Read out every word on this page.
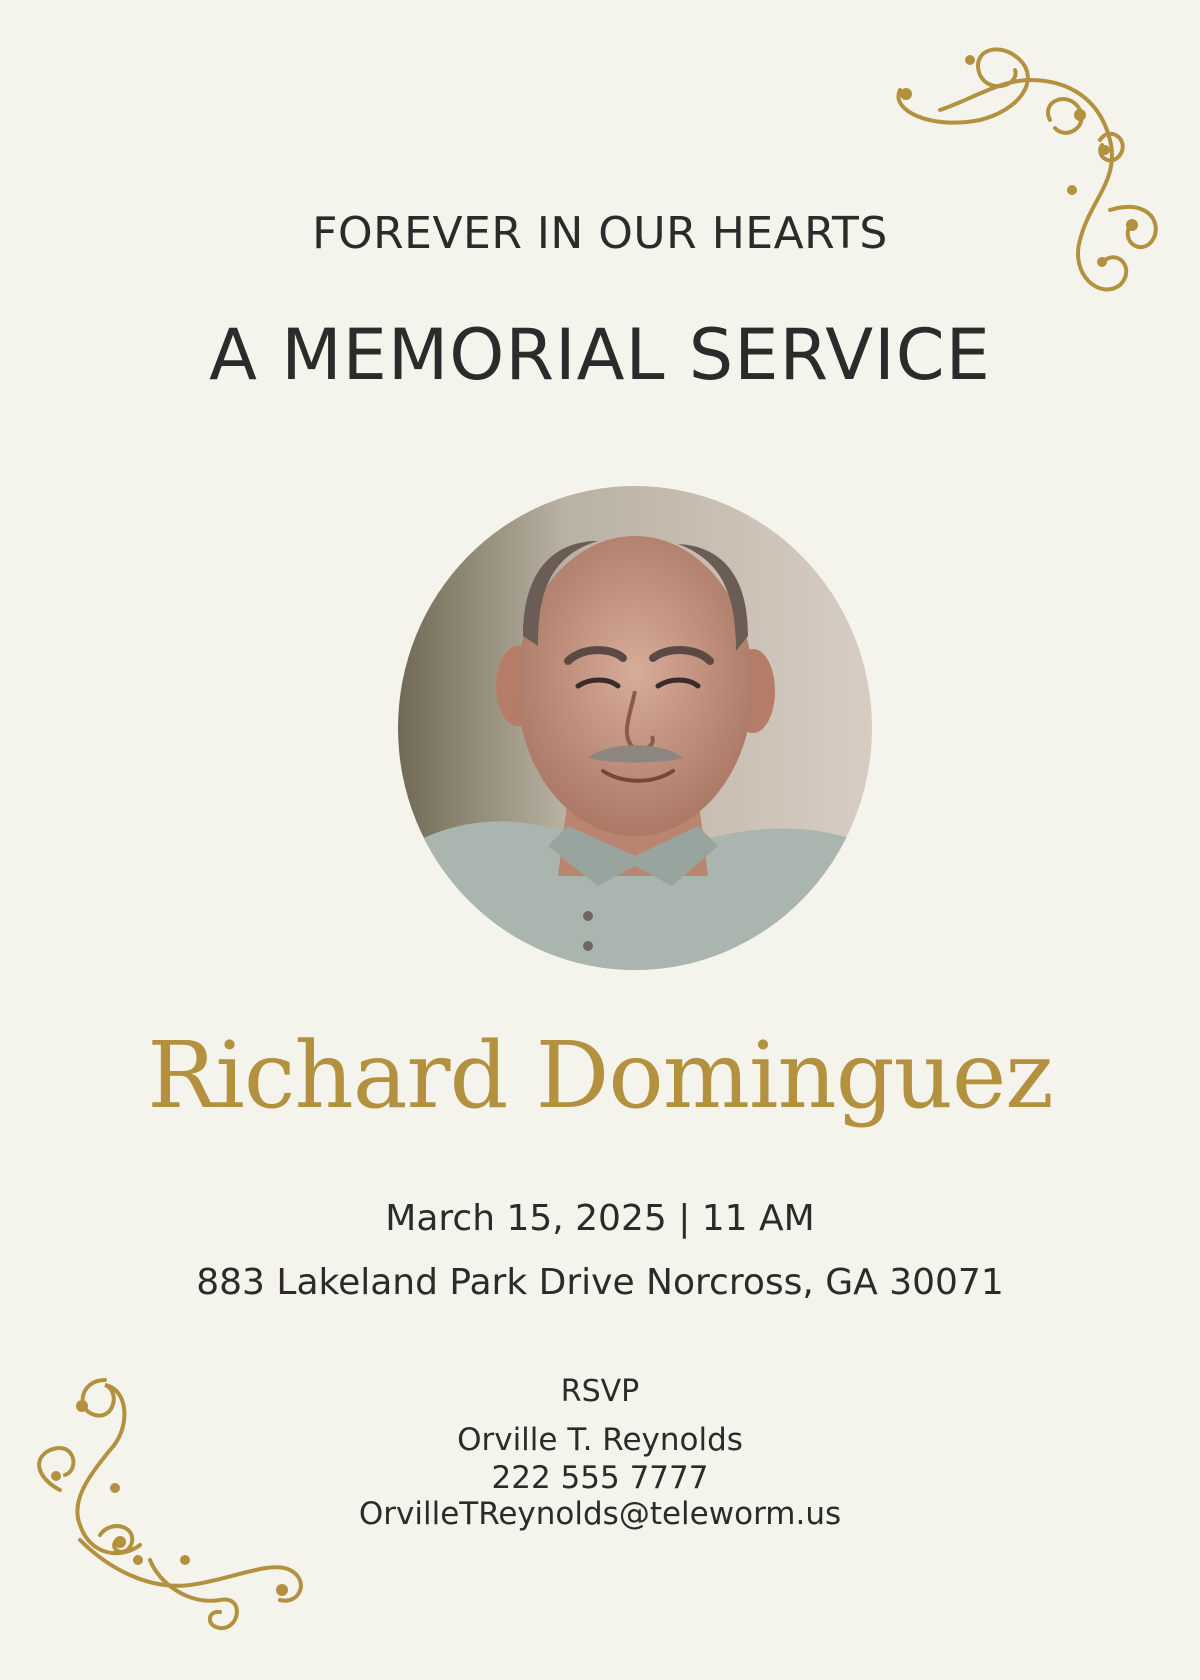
FOREVER IN OUR HEARTS
A MEMORIAL SERVICE
Richard Dominguez
March 15, 2025 | 11 AM
883 Lakeland Park Drive Norcross, GA 30071
RSVP
Orville T. Reynolds
222 555 7777
OrvilleTReynolds@teleworm.us
